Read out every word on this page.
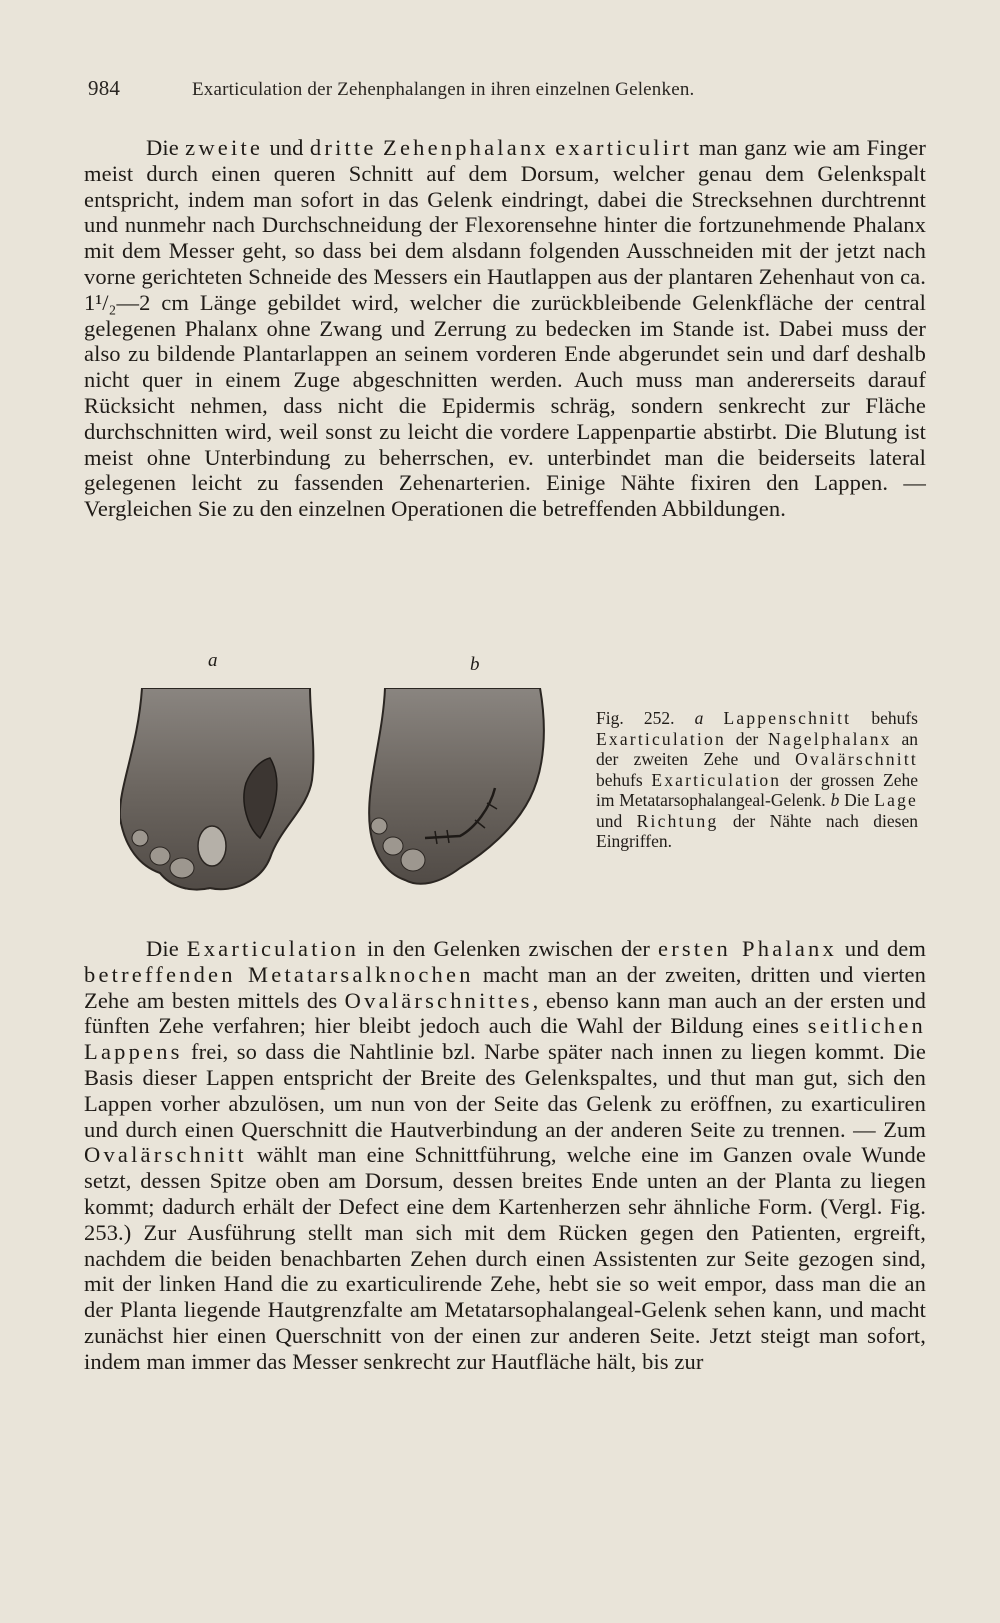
984	Exarticulation der Zehenphalangen in ihren einzelnen Gelenken.

Die zweite und dritte Zehenphalanx exarticulirt man ganz wie am Finger meist durch einen queren Schnitt auf dem Dorsum, welcher genau dem Gelenkspalt entspricht, indem man sofort in das Gelenk eindringt, dabei die Strecksehnen durchtrennt und nunmehr nach Durchschneidung der Flexorensehne hinter die fortzunehmende Phalanx mit dem Messer geht, so dass bei dem alsdann folgenden Ausschneiden mit der jetzt nach vorne gerichteten Schneide des Messers ein Hautlappen aus der plantaren Zehenhaut von ca. 1¹/₂—2 cm Länge gebildet wird, welcher die zurückbleibende Gelenkfläche der central gelegenen Phalanx ohne Zwang und Zerrung zu bedecken im Stande ist. Dabei muss der also zu bildende Plantarlappen an seinem vorderen Ende abgerundet sein und darf deshalb nicht quer in einem Zuge abgeschnitten werden. Auch muss man andererseits darauf Rücksicht nehmen, dass nicht die Epidermis schräg, sondern senkrecht zur Fläche durchschnitten wird, weil sonst zu leicht die vordere Lappenpartie abstirbt. Die Blutung ist meist ohne Unterbindung zu beherrschen, ev. unterbindet man die beiderseits lateral gelegenen leicht zu fassenden Zehenarterien. Einige Nähte fixiren den Lappen. — Vergleichen Sie zu den einzelnen Operationen die betreffenden Abbildungen.

a	b
Fig. 252. a Lappenschnitt behufs Exarticulation der Nagelphalanx an der zweiten Zehe und Ovalärschnitt behufs Exarticulation der grossen Zehe im Metatarsophalangeal-Gelenk. b Die Lage und Richtung der Nähte nach diesen Eingriffen.

Die Exarticulation in den Gelenken zwischen der ersten Phalanx und dem betreffenden Metatarsalknochen macht man an der zweiten, dritten und vierten Zehe am besten mittels des Ovalärschnittes, ebenso kann man auch an der ersten und fünften Zehe verfahren; hier bleibt jedoch auch die Wahl der Bildung eines seitlichen Lappens frei, so dass die Nahtlinie bzl. Narbe später nach innen zu liegen kommt. Die Basis dieser Lappen entspricht der Breite des Gelenkspaltes, und thut man gut, sich den Lappen vorher abzulösen, um nun von der Seite das Gelenk zu eröffnen, zu exarticuliren und durch einen Querschnitt die Hautverbindung an der anderen Seite zu trennen. — Zum Ovalärschnitt wählt man eine Schnittführung, welche eine im Ganzen ovale Wunde setzt, dessen Spitze oben am Dorsum, dessen breites Ende unten an der Planta zu liegen kommt; dadurch erhält der Defect eine dem Kartenherzen sehr ähnliche Form. (Vergl. Fig. 253.) Zur Ausführung stellt man sich mit dem Rücken gegen den Patienten, ergreift, nachdem die beiden benachbarten Zehen durch einen Assistenten zur Seite gezogen sind, mit der linken Hand die zu exarticulirende Zehe, hebt sie so weit empor, dass man die an der Planta liegende Hautgrenzfalte am Metatarsophalangeal-Gelenk sehen kann, und macht zunächst hier einen Querschnitt von der einen zur anderen Seite. Jetzt steigt man sofort, indem man immer das Messer senkrecht zur Hautfläche hält, bis zur
